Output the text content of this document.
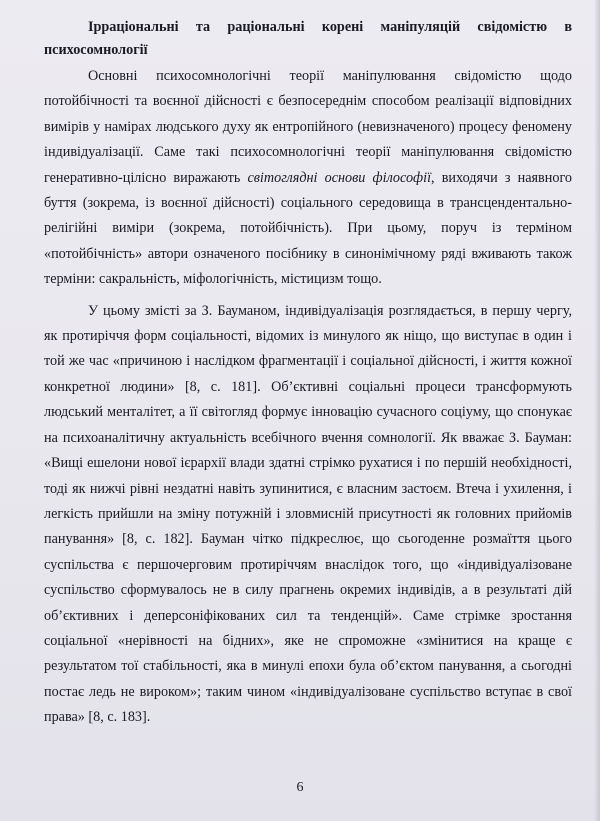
Ірраціональні та раціональні корені маніпуляцій свідомістю в психосомнології

Основні психосомнологічні теорії маніпулювання свідомістю щодо потойбічності та воєнної дійсності є безпосереднім способом реалізації відповідних вимірів у намірах людського духу як ентропійного (невизначеного) процесу феномену індивідуалізації. Саме такі психосомнологічні теорії маніпулювання свідомістю генеративно-цілісно виражають світоглядні основи філософії, виходячи з наявного буття (зокрема, із воєнної дійсності) соціального середовища в трансцендентально-релігійні виміри (зокрема, потойбічність). При цьому, поруч із терміном «потойбічність» автори означеного посібнику в синонімічному ряді вживають також терміни: сакральність, міфологічність, містицизм тощо.

У цьому змісті за З. Бауманом, індивідуалізація розглядається, в першу чергу, як протиріччя форм соціальності, відомих із минулого як ніщо, що виступає в один і той же час «причиною і наслідком фрагментації і соціальної дійсності, і життя кожної конкретної людини» [8, с. 181]. Об’єктивні соціальні процеси трансформують людський менталітет, а її світогляд формує інновацію сучасного соціуму, що спонукає на психоаналітичну актуальність всебічного вчення сомнології. Як вважає З. Бауман: «Вищі ешелони нової ієрархії влади здатні стрімко рухатися і по першій необхідності, тоді як нижчі рівні нездатні навіть зупинитися, є власним застоєм. Втеча і ухилення, і легкість прийшли на зміну потужній і зловмисній присутності як головних прийомів панування» [8, с. 182]. Бауман чітко підкреслює, що сьогоденне розмаїття цього суспільства є першочерговим протиріччям внаслідок того, що «індивідуалізоване суспільство сформувалось не в силу прагнень окремих індивідів, а в результаті дій об’єктивних і деперсоніфікованих сил та тенденцій». Саме стрімке зростання соціальної «нерівності на бідних», яке не спроможне «змінитися на краще є результатом тої стабільності, яка в минулі епохи була об’єктом панування, а сьогодні постає ледь не вироком»; таким чином «індивідуалізоване суспільство вступає в свої права» [8, с. 183].

6
